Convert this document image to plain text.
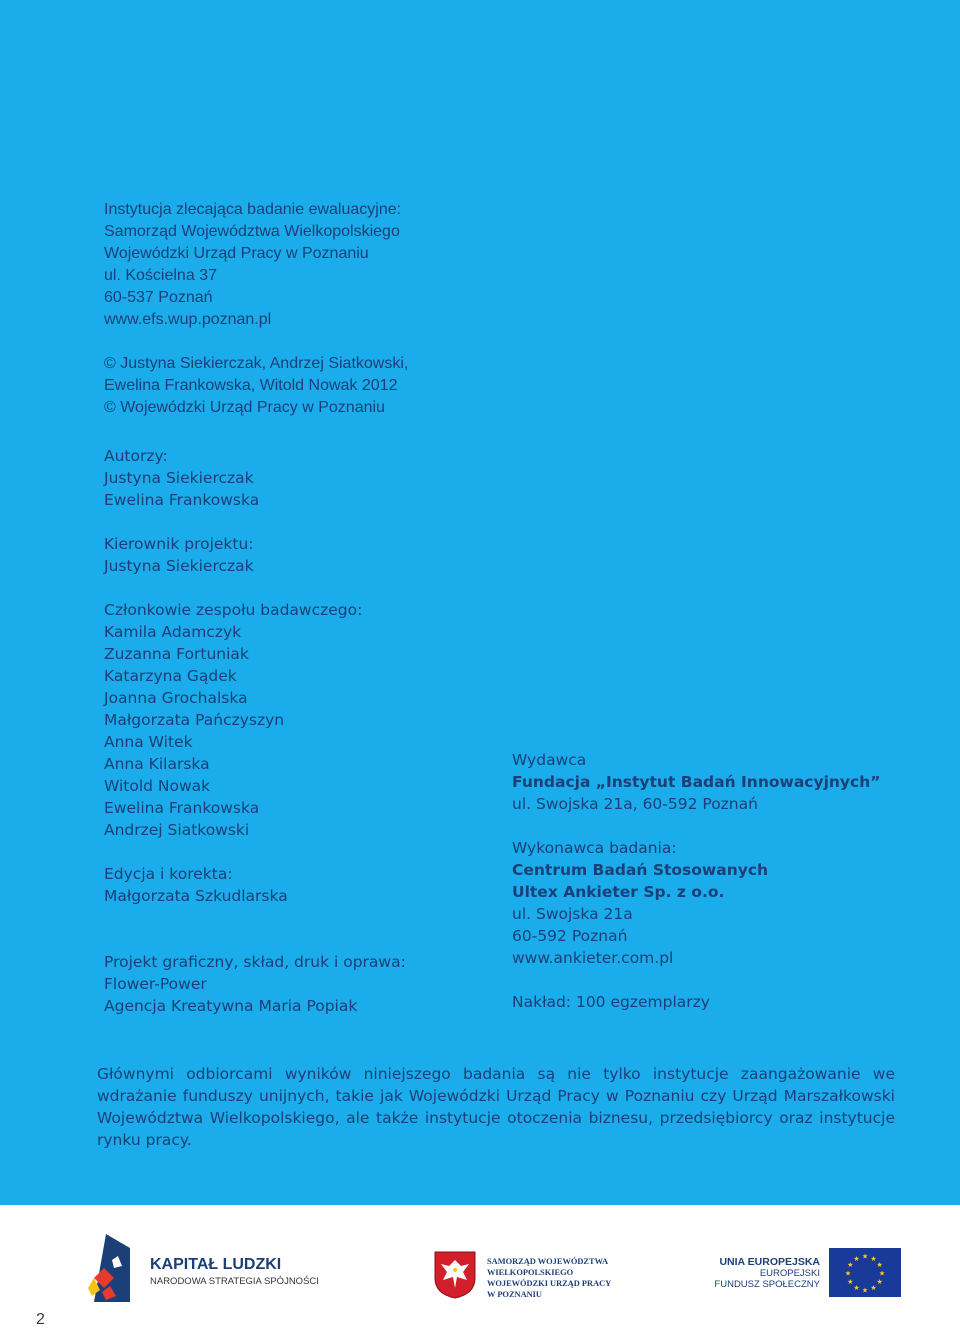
Instytucja zlecająca badanie ewaluacyjne:
Samorząd Województwa Wielkopolskiego
Wojewódzki Urząd Pracy w Poznaniu
ul. Kościelna 37
60-537 Poznań
www.efs.wup.poznan.pl
© Justyna Siekierczak, Andrzej Siatkowski,
Ewelina Frankowska, Witold Nowak 2012
© Wojewódzki Urząd Pracy w Poznaniu
Autorzy:
Justyna Siekierczak
Ewelina Frankowska
Kierownik projektu:
Justyna Siekierczak
Członkowie zespołu badawczego:
Kamila Adamczyk
Zuzanna Fortuniak
Katarzyna Gądek
Joanna Grochalska
Małgorzata Pańczyszyn
Anna Witek
Anna Kilarska
Witold Nowak
Ewelina Frankowska
Andrzej Siatkowski
Edycja i korekta:
Małgorzata Szkudlarska
Projekt graficzny, skład, druk i oprawa:
Flower-Power
Agencja Kreatywna Maria Popiak
Wydawca
Fundacja „Instytut Badań Innowacyjnych”
ul. Swojska 21a, 60-592 Poznań
Wykonawca badania:
Centrum Badań Stosowanych
Ultex Ankieter Sp. z o.o.
ul. Swojska 21a
60-592 Poznań
www.ankieter.com.pl
Nakład: 100 egzemplarzy

Głównymi odbiorcami wyników niniejszego badania są nie tylko instytucje zaangażowanie we wdrażanie funduszy unijnych, takie jak Wojewódzki Urząd Pracy w Poznaniu czy Urząd Marszałkowski Województwa Wielkopolskiego, ale także instytucje otoczenia biznesu, przedsiębiorcy oraz instytucje rynku pracy.

KAPITAŁ LUDZKI
NARODOWA STRATEGIA SPÓJNOŚCI
SAMORZĄD WOJEWÓDZTWA
WIELKOPOLSKIEGO
WOJEWÓDZKI URZĄD PRACY
W POZNANIU
UNIA EUROPEJSKA
EUROPEJSKI
FUNDUSZ SPOŁECZNY
★ ★
★
★
★
★
★
★
★
★
★
★
2
